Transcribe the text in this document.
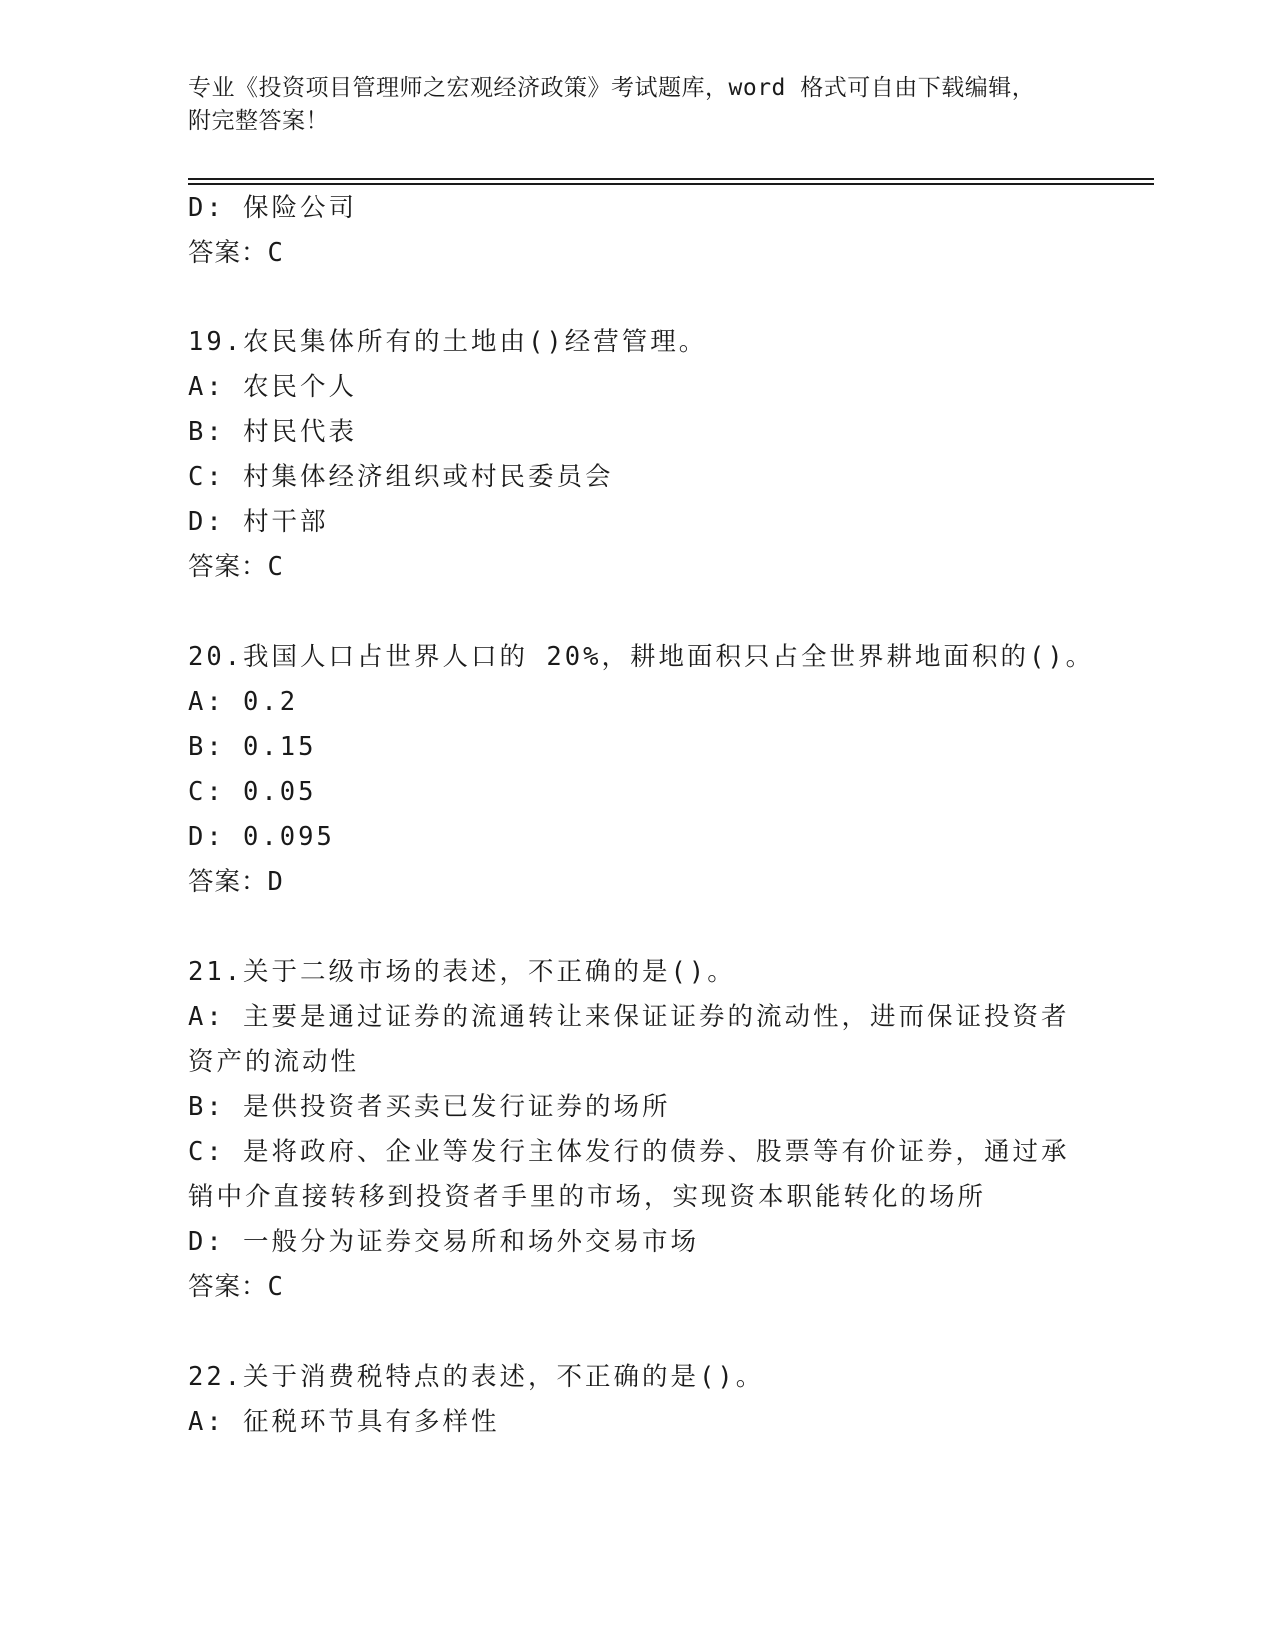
专业《投资项目管理师之宏观经济政策》考试题库，word 格式可自由下载编辑，
附完整答案！
D: 保险公司
答案：C
19.农民集体所有的土地由()经营管理。
A: 农民个人
B: 村民代表
C: 村集体经济组织或村民委员会
D: 村干部
答案：C
20.我国人口占世界人口的 20%，耕地面积只占全世界耕地面积的()。
A: 0.2
B: 0.15
C: 0.05
D: 0.095
答案：D
21.关于二级市场的表述，不正确的是()。
A: 主要是通过证券的流通转让来保证证券的流动性，进而保证投资者
资产的流动性
B: 是供投资者买卖已发行证券的场所
C: 是将政府、企业等发行主体发行的债券、股票等有价证券，通过承
销中介直接转移到投资者手里的市场，实现资本职能转化的场所
D: 一般分为证券交易所和场外交易市场
答案：C
22.关于消费税特点的表述，不正确的是()。
A: 征税环节具有多样性
